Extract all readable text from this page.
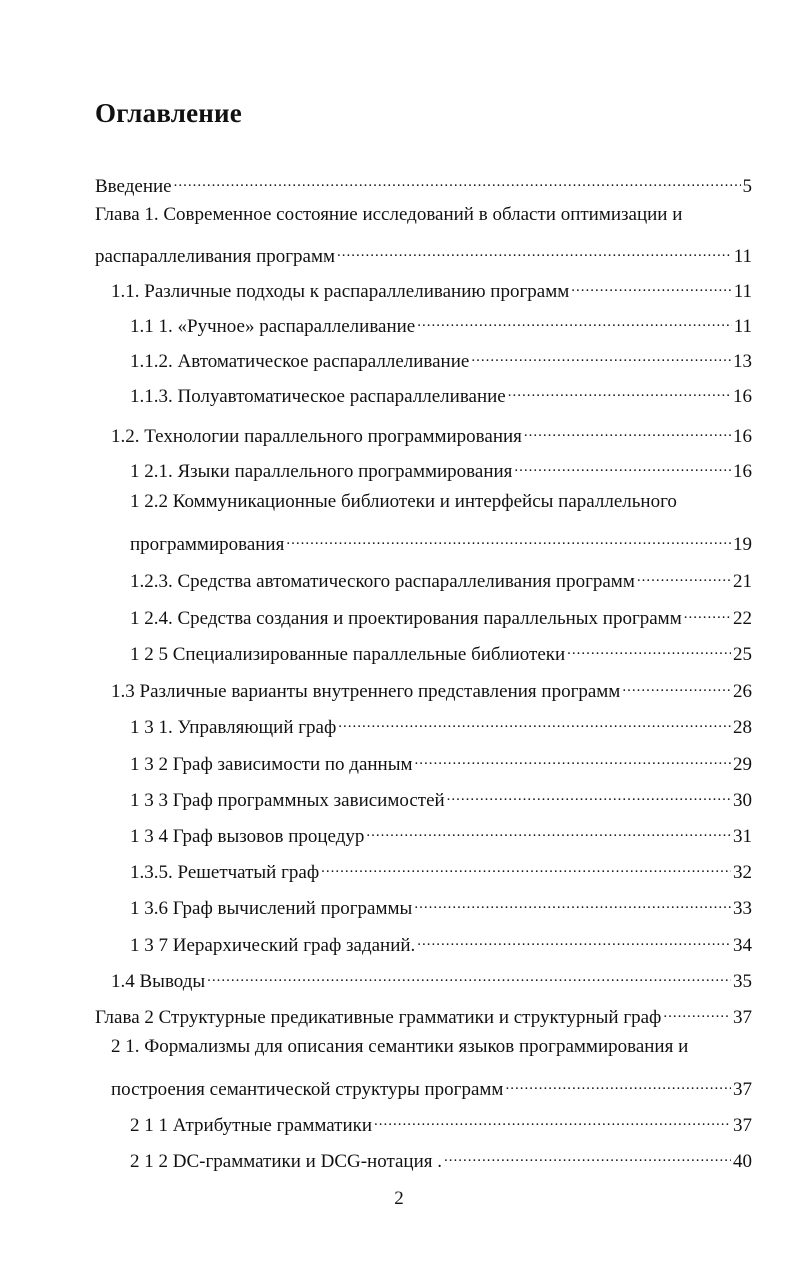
Оглавление
Введение .....	5
Глава 1. Современное состояние исследований в области оптимизации и
распараллеливания программ .....	11
1.1. Различные подходы к распараллеливанию программ .....	11
1.1 1. «Ручное» распараллеливание .....	11
1.1.2. Автоматическое распараллеливание .....	13
1.1.3. Полуавтоматическое распараллеливание .....	16
1.2. Технологии параллельного программирования .....	16
1 2.1. Языки параллельного программирования .....	16
1 2.2 Коммуникационные библиотеки и интерфейсы параллельного
программирования .....	19
1.2.3. Средства автоматического распараллеливания программ .....	21
1 2.4. Средства создания и проектирования параллельных программ .....	22
1 2 5 Специализированные параллельные библиотеки .....	25
1.3 Различные варианты внутреннего представления программ .....	26
1 3 1. Управляющий граф .....	28
1 3 2 Граф зависимости по данным .....	29
1 3 3 Граф программных зависимостей .....	30
1 3 4 Граф вызовов процедур .....	31
1.3.5. Решетчатый граф .....	32
1 3.6 Граф вычислений программы .....	33
1 3 7 Иерархический граф заданий. .....	34
1.4 Выводы .....	35
Глава 2 Структурные предикативные грамматики и структурный граф .....	37
2 1. Формализмы для описания семантики языков программирования и
построения семантической структуры программ .....	37
2 1 1 Атрибутные грамматики .....	37
2 1 2 DC-грамматики и DCG-нотация . .....	40
2
